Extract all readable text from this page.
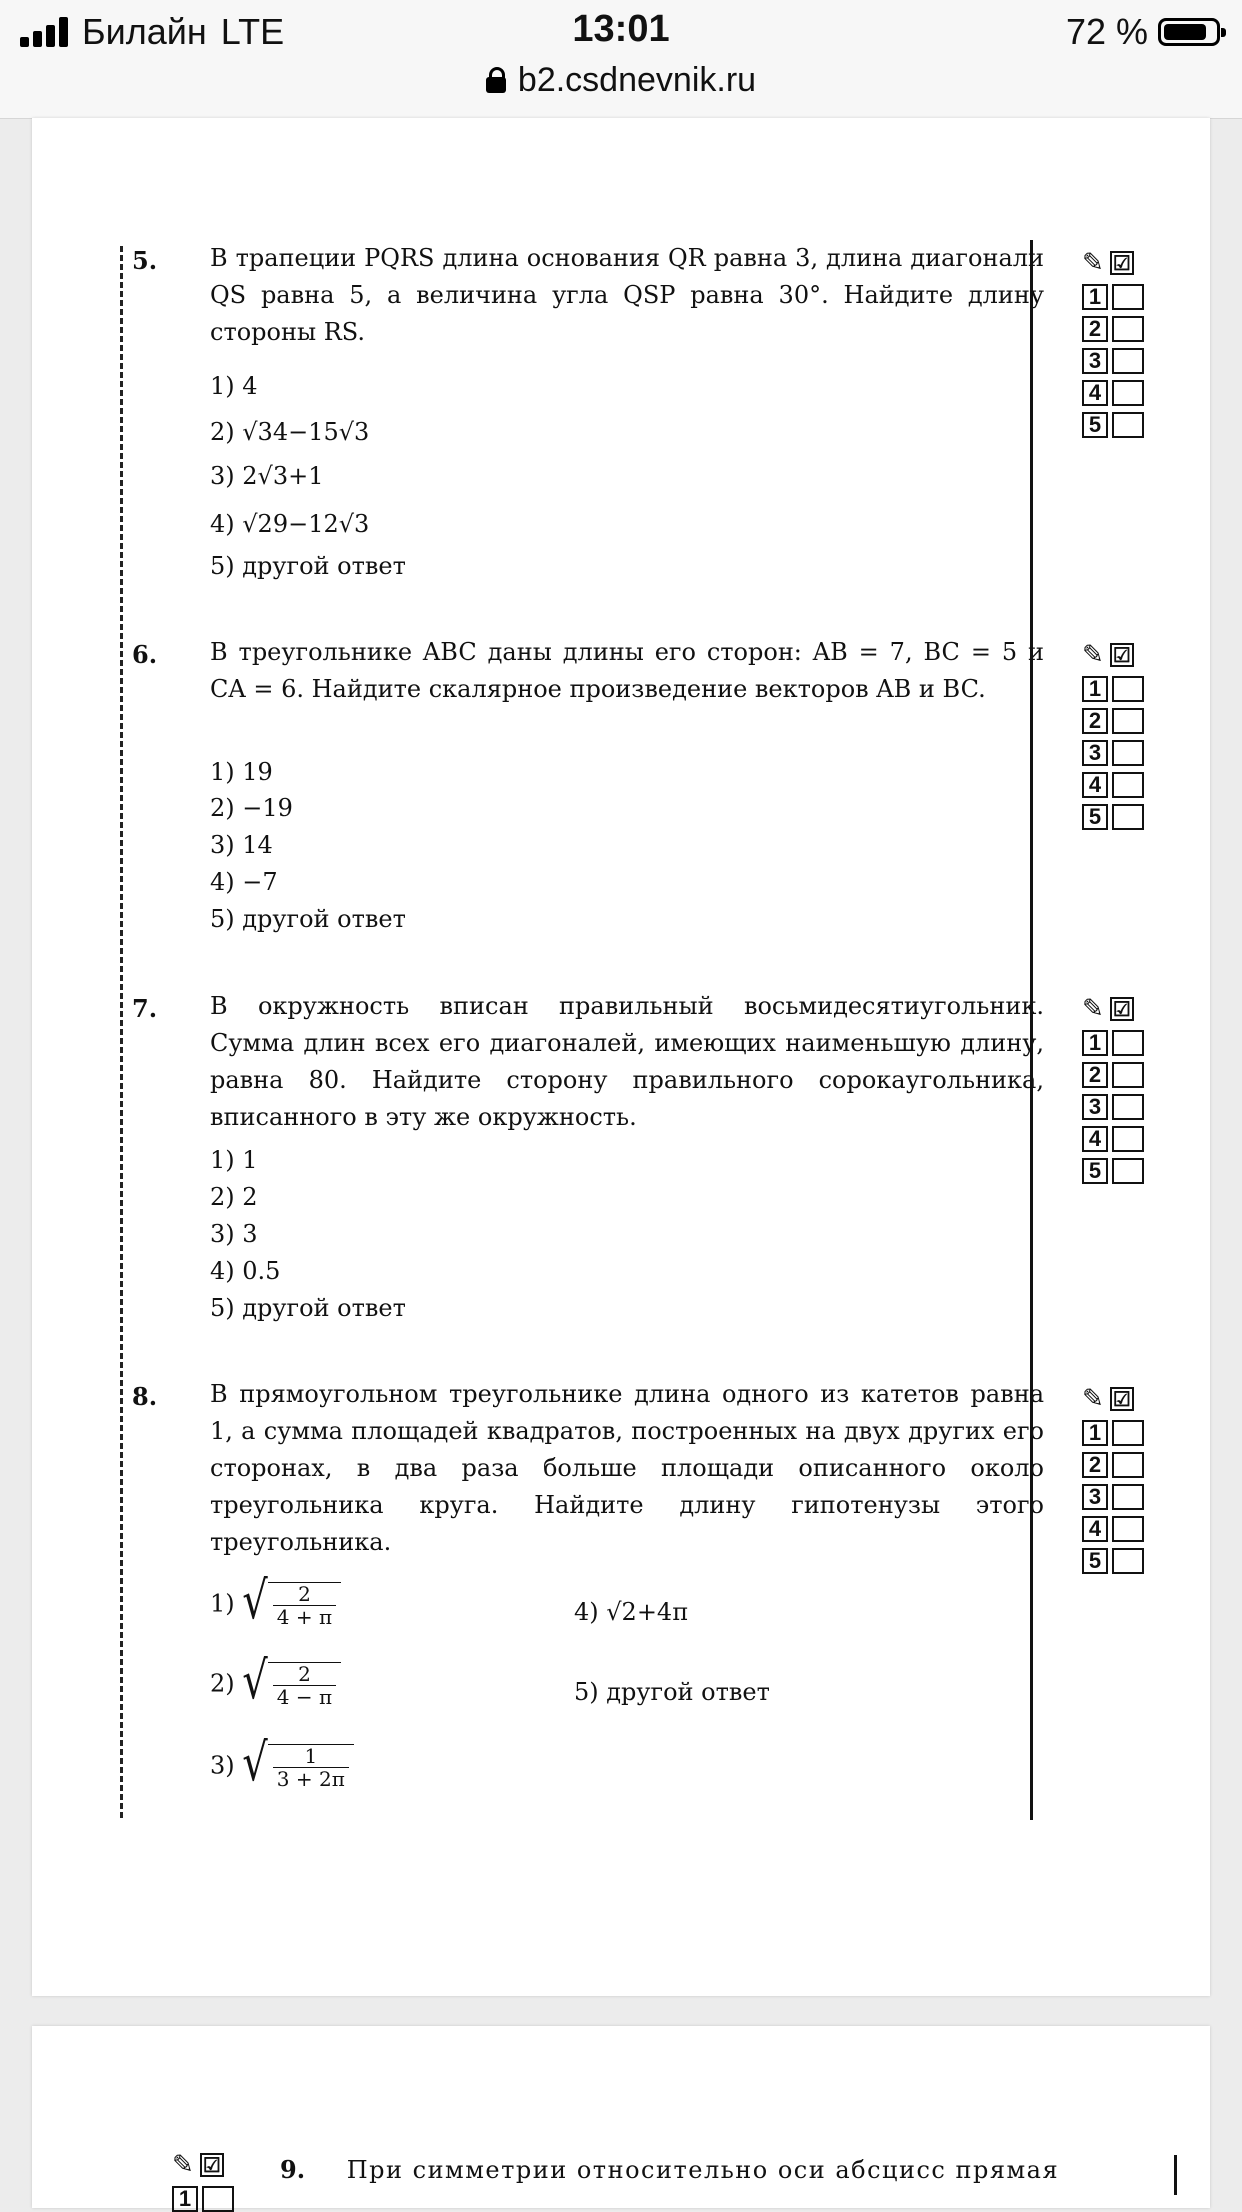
Билайн LTE	13:01	72 %
b2.csdnevnik.ru
5. В трапеции PQRS длина основания QR равна 3, длина диагонали QS равна 5, а величина угла QSP равна 30°. Найдите длину стороны RS.
1) 4
2) √34−15√3
3) 2√3+1
4) √29−12√3
5) другой ответ
6. В треугольнике ABC даны длины его сторон: AB = 7, BC = 5 и CA = 6. Найдите скалярное произведение векторов AB и BC.
1) 19
2) −19
3) 14
4) −7
5) другой ответ
7. В окружность вписан правильный восьмидесятиугольник. Сумма длин всех его диагоналей, имеющих наименьшую длину, равна 80. Найдите сторону правильного сорокаугольника, вписанного в эту же окружность.
1) 1
2) 2
3) 3
4) 0.5
5) другой ответ
8. В прямоугольном треугольнике длина одного из катетов равна 1, а сумма площадей квадратов, построенных на двух других его сторонах, в два раза больше площади описанного около треугольника круга. Найдите длину гипотенузы этого треугольника.
1) √ $\frac{2}{4 + \pi}$
2) √ $\frac{2}{4 - \pi}$
3) √ $\frac{1}{3 + 2\pi}$
4) √2+4π
5) другой ответ
✎ ☑
1
2
3
4
5
✎ ☑
1
2
3
4
5
✎ ☑
1
2
3
4
5
✎ ☑
1
2
3
4
5
✎ ☑
1
9. При симметрии относительно оси абсцисс прямая
